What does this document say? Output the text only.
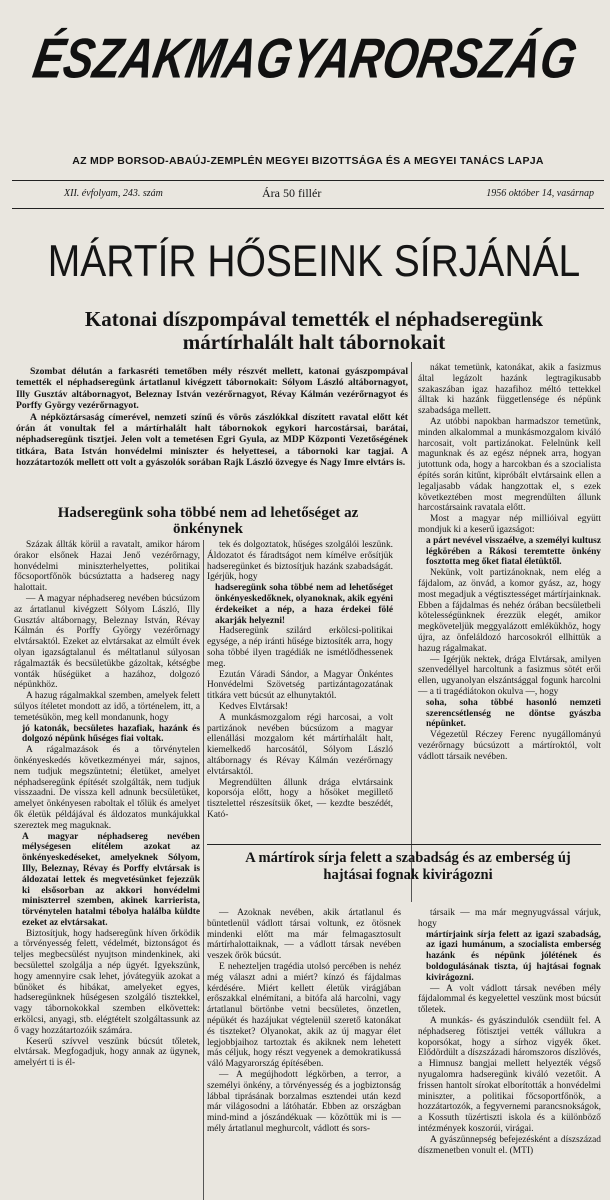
ÉSZAKMAGYARORSZÁG
AZ MDP BORSOD-ABAÚJ-ZEMPLÉN MEGYEI BIZOTTSÁGA ÉS A MEGYEI TANÁCS LAPJA
XII. évfolyam, 243. szám	Ára 50 fillér	1956 október 14, vasárnap
MÁRTÍR HŐSEINK SÍRJÁNÁL
Katonai díszpompával temették el néphadseregünk mártírhalált halt tábornokait

Szombat délután a farkasréti temetőben mély részvét mellett, katonai gyászpompával temették el néphadseregünk ártatlanul kivégzett tábornokait: Sólyom László altábornagyot, Illy Gusztáv altábornagyot, Beleznay István vezérőrnagyot, Révay Kálmán vezérőrnagyot és Porffy György vezérőrnagyot.

A népköztársaság címerével, nemzeti színű és vörös zászlókkal díszített ravatal előtt két órán át vonultak fel a mártírhalált halt tábornokok egykori harcostársai, barátai, néphadseregünk tisztjei. Jelen volt a temetésen Egri Gyula, az MDP Központi Vezetőségének titkára, Bata István honvédelmi miniszter és helyettesei, a tábornoki kar tagjai. A hozzátartozók mellett ott volt a gyászolók sorában Rajk László özvegye és Nagy Imre elvtárs is.

Hadseregünk soha többé nem ad lehetőséget az önkénynek

Százak állták körül a ravatalt, amikor három órakor elsőnek Hazai Jenő vezérőrnagy, honvédelmi miniszterhelyettes, politikai főcsoportfőnök búcsúztatta a hadsereg nagy halottait.

— A magyar néphadsereg nevében búcsúzom az ártatlanul kivégzett Sólyom László, Illy Gusztáv altábornagy, Beleznay István, Révay Kálmán és Porffy György vezérőrnagy elvtársaktól. Ezeket az elvtársakat az elmúlt évek olyan igazságtalanul és méltatlanul súlyosan rágalmazták és becsületükbe gázoltak, kétségbe vonták hűségüket a hazához, dolgozó népünkhöz.

A hazug rágalmakkal szemben, amelyek felett súlyos ítéletet mondott az idő, a történelem, itt, a temetésükön, meg kell mondanunk, hogy

jó katonák, becsületes hazafiak, hazánk és dolgozó népünk hűséges fiai voltak.

A rágalmazások és a törvénytelen önkényeskedés következményei már, sajnos, nem tudjuk megszüntetni; életüket, amelyet néphadseregünk építését szolgálták, nem tudjuk visszaadni. De vissza kell adnunk becsületüket, amelyet önkényesen raboltak el tőlük és amelyet ők életük példájával és áldozatos munkájukkal szereztek meg maguknak.

A magyar néphadsereg nevében mélységesen elítélem azokat az önkényeskedéseket, amelyeknek Sólyom, Illy, Beleznay, Révay és Porffy elvtársak is áldozatai lettek és megvetésünket fejezzük ki elsősorban az akkori honvédelmi miniszterrel szemben, akinek karrierista, törvénytelen hatalmi tébolya halálba küldte ezeket az elvtársakat.

Biztosítjuk, hogy hadseregünk híven őrködik a törvényesség felett, védelmét, biztonságot és teljes megbecsülést nyujtson mindenkinek, aki becsülettel szolgálja a nép ügyét. Igyekszünk, hogy amennyire csak lehet, jóvátegyük azokat a bűnöket és hibákat, amelyeket egyes, hadseregünknek hűségesen szolgáló tisztekkel, vagy tábornokokkal szemben elkövettek: erkölcsi, anyagi, stb. elégtételt szolgáltassunk az ő vagy hozzátartozóik számára.

Keserű szívvel veszünk búcsút tőletek, elvtársak. Megfogadjuk, hogy annak az ügynek, amelyért ti is él-

tek és dolgoztatok, hűséges szolgálói leszünk. Áldozatot és fáradtságot nem kímélve erősítjük hadseregünket és biztosítjuk hazánk szabadságát. Igérjük, hogy

hadseregünk soha többé nem ad lehetőséget önkényeskedőknek, olyanoknak, akik egyéni érdekeiket a nép, a haza érdekei fölé akarják helyezni!

Hadseregünk szilárd erkölcsi-politikai egysége, a nép iránti hűsége biztosíték arra, hogy soha többé ilyen tragédiák ne ismétlődhessenek meg.

Ezután Váradi Sándor, a Magyar Önkéntes Honvédelmi Szövetség partizántagozatának titkára vett búcsút az elhunytaktól.

Kedves Elvtársak!

A munkásmozgalom régi harcosai, a volt partizánok nevében búcsúzom a magyar ellenállási mozgalom két mártírhalált halt, kiemelkedő harcosától, Sólyom László altábornagy és Révay Kálmán vezérőrnagy elvtársaktól.

Megrendülten állunk drága elvtársaink koporsója előtt, hogy a hősöket megillető tisztelettel részesítsük őket, — kezdte beszédét, Kató-

nákat temetünk, katonákat, akik a fasizmus által legázolt hazánk legtragikusabb szakaszában igaz hazafihoz méltó tettekkel álltak ki hazánk függetlensége és népünk szabadsága mellett.

Az utóbbi napokban harmadszor temetünk, minden alkalommal a munkásmozgalom kiváló harcosait, volt partizánokat. Felelnünk kell magunknak és az egész népnek arra, hogyan jutottunk oda, hogy a harcokban és a szocialista építés során kitűnt, kipróbált elvtársaink ellen a legaljasabb vádak hangzottak el, s ezek következtében most megrendülten állunk harcostársaink ravatala előtt.

Most a magyar nép millióival együtt mondjuk ki a keserű igazságot:

a párt nevével visszaélve, a személyi kultusz légkörében a Rákosi teremtette önkény fosztotta meg őket fiatal életüktől.

Nekünk, volt partizánoknak, nem elég a fájdalom, az önvád, a komor gyász, az, hogy most megadjuk a végtisztességet mártírjainknak. Ebben a fájdalmas és nehéz órában becsületbeli kötelességünknek érezzük elegét, amikor megköveteljük meggyalázott emlékükhöz, hogy újra, az önfeláldozó harcosokról ellhittük a hazug rágalmakat.

— Igérjük nektek, drága Elvtársak, amilyen szenvedéllyel harcoltunk a fasizmus sötét erői ellen, ugyanolyan elszántsággal fogunk harcolni — a ti tragédiátokon okulva —, hogy

soha, soha többé hasonló nemzeti szerencsétlenség ne döntse gyászba népünket.

Végezetül Réczey Ferenc nyugállományú vezérőrnagy búcsúzott a mártíroktól, volt vádlott társaik nevében.

A mártírok sírja felett a szabadság és az emberség új hajtásai fognak kivirágozni

— Azoknak nevében, akik ártatlanul és büntetlenül vádlott társai voltunk, ez ötösnek mindenki előtt ma már felmagasztosult mártírhalottaiknak, — a vádlott társak nevében veszek őrök búcsút.

E nehezteljen tragédia utolsó percében is nehéz még választ adni a miért? kínzó és fájdalmas kérdésére. Miért kellett életük virágjában erőszakkal elnémítani, a bitófa alá harcolni, vagy ártatlanul börtönbe vetni becsületes, önzetlen, népükét és hazájukat végtelenül szerető katonákat és tiszteket? Olyanokat, akik az új magyar élet legjobbjaihoz tartoztak és akiknek nem lehetett más céljuk, hogy részt vegyenek a demokratikussá váló Magyarország építésében.

— A megújhodott légkörben, a terror, a személyi önkény, a törvényesség és a jogbiztonság lábbal tiprásának borzalmas esztendei után kezd már világosodni a látóhatár. Ebben az országban mind-mind a jószándékuak — közöttük mi is — mély ártatlanul meghurcolt, vádlott és sors-

társaik — ma már megnyugvással várjuk, hogy

mártírjaink sírja felett az igazi szabadság, az igazi humánum, a szocialista emberség hazánk és népünk jólétének és boldogulásának tiszta, új hajtásai fognak kivirágozni.

— A volt vádlott társak nevében mély fájdalommal és kegyelettel veszünk most búcsút tőletek.

A munkás- és gyászindulók csendült fel. A néphadsereg fötisztjei vették vállukra a koporsókat, hogy a sírhoz vigyék őket. Elődördült a díszszázadi háromszoros díszlövés, a Himnusz bangjai mellett helyezték végső nyugalomra hadseregünk kiváló vezetőit. A frissen hantolt sírokat elborították a honvédelmi miniszter, a politikai főcsoportfőnök, a hozzátartozók, a fegyvernemi parancsnokságok, a Kossuth tüzértiszti iskola és a különböző intézmények koszorúi, virágai.

A gyászünnepség befejezésként a díszszázad díszmenetben vonult el. (MTI)
